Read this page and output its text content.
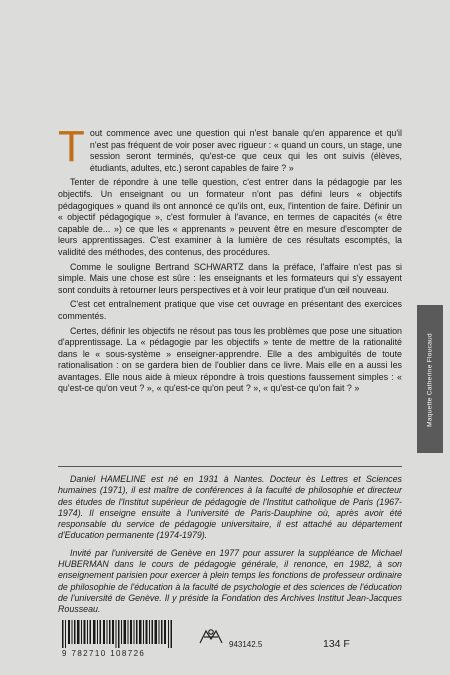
Tout commence avec une question qui n'est banale qu'en apparence et qu'il n'est pas fréquent de voir poser avec rigueur : « quand un cours, un stage, une session seront terminés, qu'est-ce que ceux qui les ont suivis (élèves, étudiants, adultes, etc.) seront capables de faire ? »

Tenter de répondre à une telle question, c'est entrer dans la pédagogie par les objectifs. Un enseignant ou un formateur n'ont pas défini leurs « objectifs pédagogiques » quand ils ont annoncé ce qu'ils ont, eux, l'intention de faire. Définir un « objectif pédagogique », c'est formuler à l'avance, en termes de capacités (« être capable de... ») ce que les « apprenants » peuvent être en mesure d'escompter de leurs apprentissages. C'est examiner à la lumière de ces résultats escomptés, la validité des méthodes, des contenus, des procédures.

Comme le souligne Bertrand SCHWARTZ dans la préface, l'affaire n'est pas si simple. Mais une chose est sûre : les enseignants et les formateurs qui s'y essayent sont conduits à retourner leurs perspectives et à voir leur pratique d'un œil nouveau.

C'est cet entraînement pratique que vise cet ouvrage en présentant des exercices commentés.

Certes, définir les objectifs ne résout pas tous les problèmes que pose une situation d'apprentissage. La « pédagogie par les objectifs » tente de mettre de la rationalité dans le « sous-système » enseigner-apprendre. Elle a des ambiguïtés de toute rationalisation : on se gardera bien de l'oublier dans ce livre. Mais elle en a aussi les avantages. Elle nous aide à mieux répondre à trois questions faussement simples : « qu'est-ce qu'on veut ? », « qu'est-ce qu'on peut ? », « qu'est-ce qu'on fait ? »	Maquette Catherine Floucaud

Daniel HAMELINE est né en 1931 à Nantes. Docteur ès Lettres et Sciences humaines (1971), il est maître de conférences à la faculté de philosophie et directeur des études de l'Institut supérieur de pédagogie de l'Institut catholique de Paris (1967-1974). Il enseigne ensuite à l'université de Paris-Dauphine où, après avoir été responsable du service de pédagogie universitaire, il est attaché au département d'Education permanente (1974-1979).

Invité par l'université de Genève en 1977 pour assurer la suppléance de Michael HUBERMAN dans le cours de pédagogie générale, il renonce, en 1982, à son enseignement parisien pour exercer à plein temps les fonctions de professeur ordinaire de philosophie de l'éducation à la faculté de psychologie et des sciences de l'éducation de l'université de Genève. Il y préside la Fondation des Archives Institut Jean-Jacques Rousseau.

9 782710 108726
943142.5	134 F
